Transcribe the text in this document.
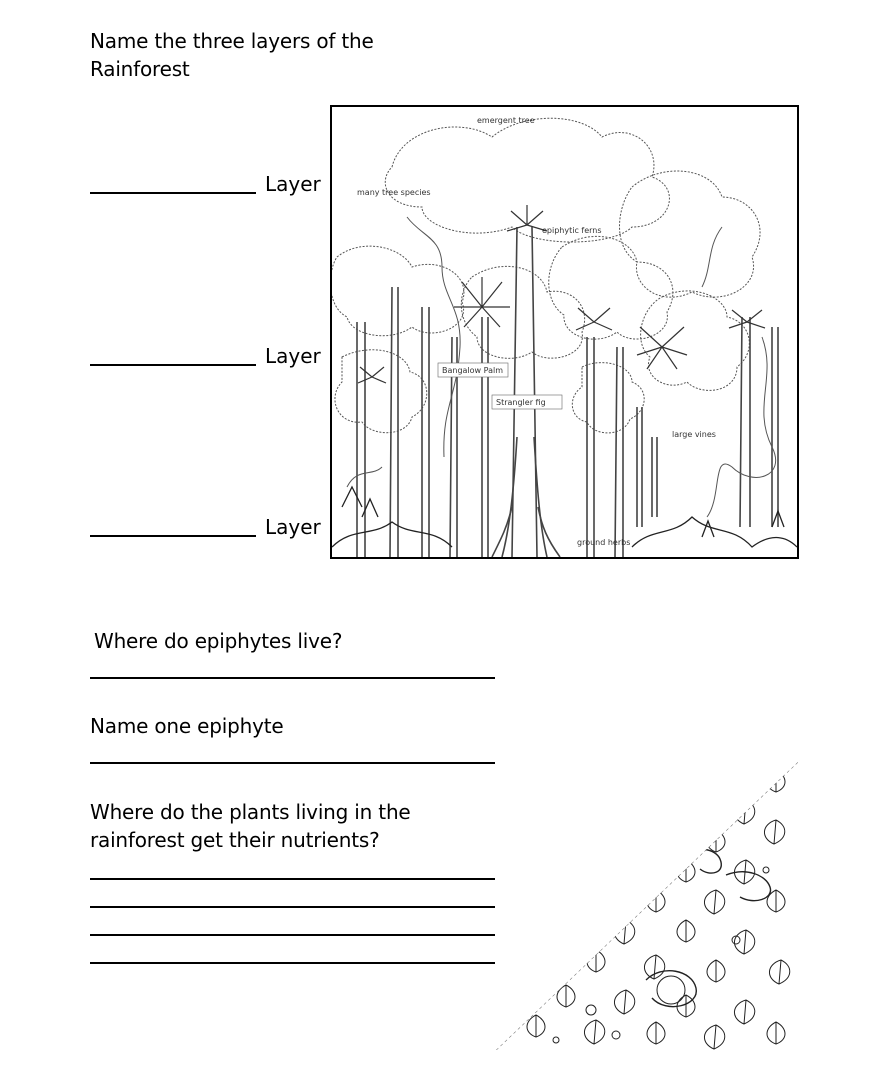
Name the three layers of the Rainforest
Layer
Layer
Layer
emergent tree
many tree species
epiphytic ferns
Bangalow Palm
Strangler fig
large vines
ground herbs
Where do epiphytes live?
Name one epiphyte
Where do the plants living in the rainforest get their nutrients?
